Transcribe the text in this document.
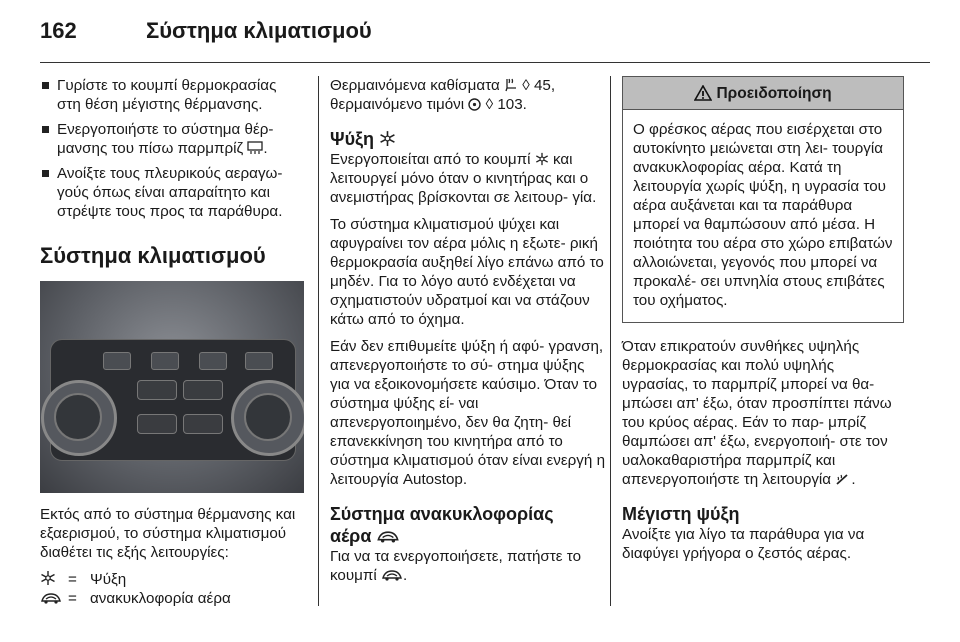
162	Σύστημα κλιματισμού
Γυρίστε το κουμπί θερμοκρασίας στη θέση μέγιστης θέρμανσης.
Ενεργοποιήστε το σύστημα θέρ- μανσης του πίσω παρμπρίζ .
Ανοίξτε τους πλευρικούς αεραγω- γούς όπως είναι απαραίτητο και στρέψτε τους προς τα παράθυρα.
Σύστημα κλιματισμού

Εκτός από το σύστημα θέρμανσης και εξαερισμού, το σύστημα κλιματισμού διαθέτει τις εξής λειτουργίες:

= Ψύξη
= ανακυκλοφορία αέρα

Θερμαινόμενα καθίσματα ◊ 45,
θερμαινόμενο τιμόνι ◊ 103.

Ψύξη

Ενεργοποιείται από το κουμπί και λειτουργεί μόνο όταν ο κινητήρας και ο ανεμιστήρας βρίσκονται σε λειτουρ- γία.

Το σύστημα κλιματισμού ψύχει και αφυγραίνει τον αέρα μόλις η εξωτε- ρική θερμοκρασία αυξηθεί λίγο επάνω από το μηδέν. Για το λόγο αυτό ενδέχεται να σχηματιστούν υδρατμοί και να στάζουν κάτω από το όχημα.

Εάν δεν επιθυμείτε ψύξη ή αφύ- γρανση, απενεργοποιήστε το σύ- στημα ψύξης για να εξοικονομήσετε καύσιμο. Όταν το σύστημα ψύξης εί- ναι απενεργοποιημένο, δεν θα ζητη- θεί επανεκκίνηση του κινητήρα από το σύστημα κλιματισμού όταν είναι ενεργή η λειτουργία Autostop.

Σύστημα ανακυκλοφορίας
αέρα

Για να τα ενεργοποιήσετε, πατήστε το κουμπί .

Προειδοποίηση
Ο φρέσκος αέρας που εισέρχεται στο αυτοκίνητο μειώνεται στη λει- τουργία ανακυκλοφορίας αέρα. Κατά τη λειτουργία χωρίς ψύξη, η υγρασία του αέρα αυξάνεται και τα παράθυρα μπορεί να θαμπώσουν από μέσα. Η ποιότητα του αέρα στο χώρο επιβατών αλλοιώνεται, γεγονός που μπορεί να προκαλέ- σει υπνηλία στους επιβάτες του οχήματος.

Όταν επικρατούν συνθήκες υψηλής θερμοκρασίας και πολύ υψηλής υγρασίας, το παρμπρίζ μπορεί να θα- μπώσει απ' έξω, όταν προσπίπτει πάνω του κρύος αέρας. Εάν το παρ- μπρίζ θαμπώσει απ' έξω, ενεργοποιή- στε τον υαλοκαθαριστήρα παρμπρίζ και απενεργοποιήστε τη λειτουργία .

Μέγιστη ψύξη

Ανοίξτε για λίγο τα παράθυρα για να διαφύγει γρήγορα ο ζεστός αέρας.
